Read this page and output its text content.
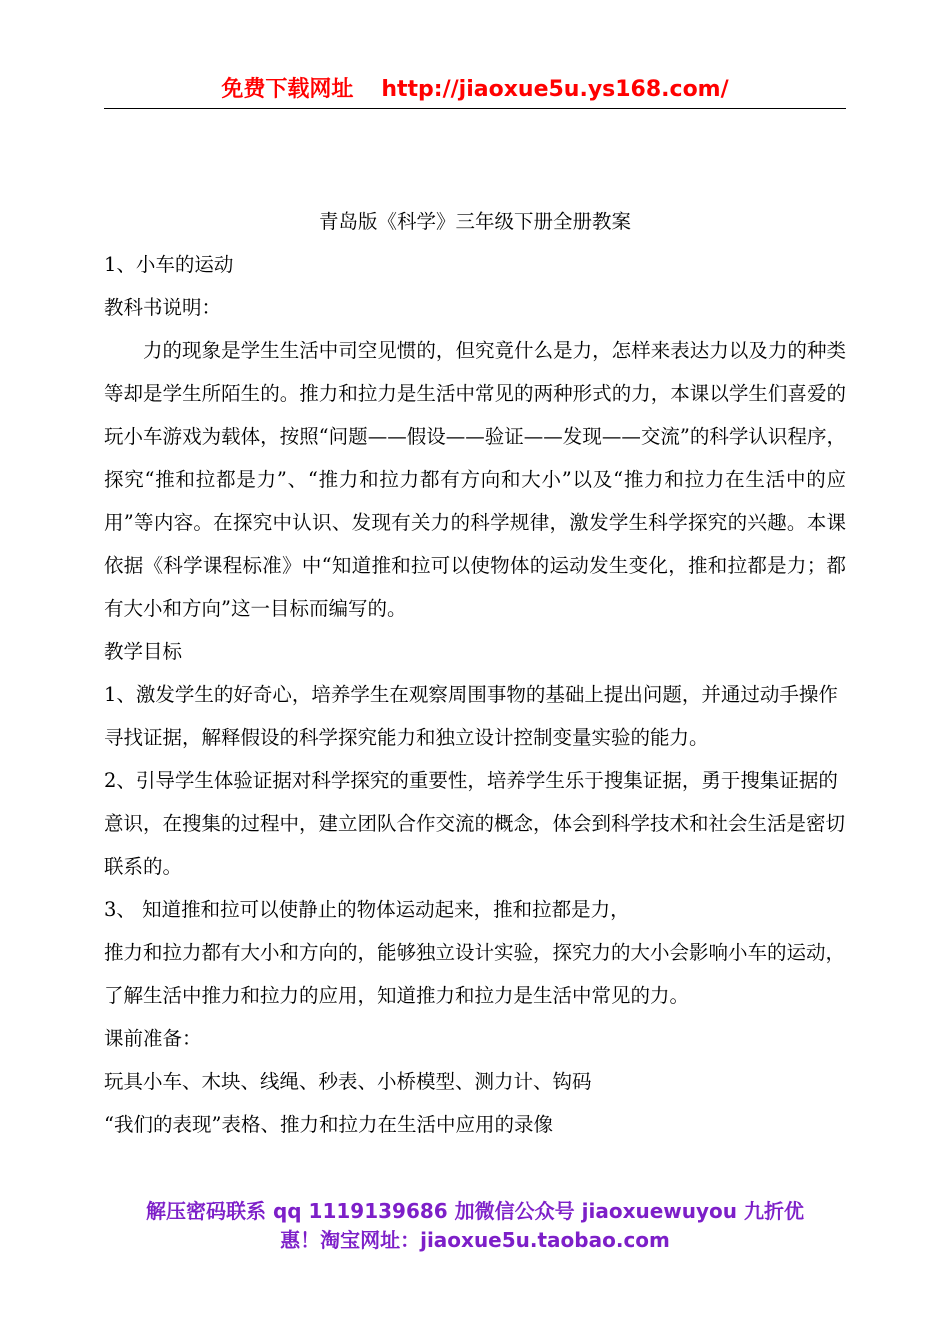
免费下载网址 http://jiaoxue5u.ys168.com/

青岛版《科学》三年级下册全册教案

1、小车的运动

教科书说明：

力的现象是学生生活中司空见惯的，但究竟什么是力，怎样来表达力以及力的种类等却是学生所陌生的。推力和拉力是生活中常见的两种形式的力，本课以学生们喜爱的玩小车游戏为载体，按照“问题——假设——验证——发现——交流”的科学认识程序，探究“推和拉都是力”、“推力和拉力都有方向和大小”以及“推力和拉力在生活中的应用”等内容。在探究中认识、发现有关力的科学规律，激发学生科学探究的兴趣。本课依据《科学课程标准》中“知道推和拉可以使物体的运动发生变化，推和拉都是力；都有大小和方向”这一目标而编写的。

教学目标

1、激发学生的好奇心，培养学生在观察周围事物的基础上提出问题，并通过动手操作寻找证据，解释假设的科学探究能力和独立设计控制变量实验的能力。

2、引导学生体验证据对科学探究的重要性，培养学生乐于搜集证据，勇于搜集证据的意识，在搜集的过程中，建立团队合作交流的概念，体会到科学技术和社会生活是密切联系的。

3、 知道推和拉可以使静止的物体运动起来，推和拉都是力，

推力和拉力都有大小和方向的，能够独立设计实验，探究力的大小会影响小车的运动，了解生活中推力和拉力的应用，知道推力和拉力是生活中常见的力。

课前准备：

玩具小车、木块、线绳、秒表、小桥模型、测力计、钩码

“我们的表现”表格、推力和拉力在生活中应用的录像

解压密码联系 qq 1119139686 加微信公众号 jiaoxuewuyou 九折优
惠！淘宝网址：jiaoxue5u.taobao.com
